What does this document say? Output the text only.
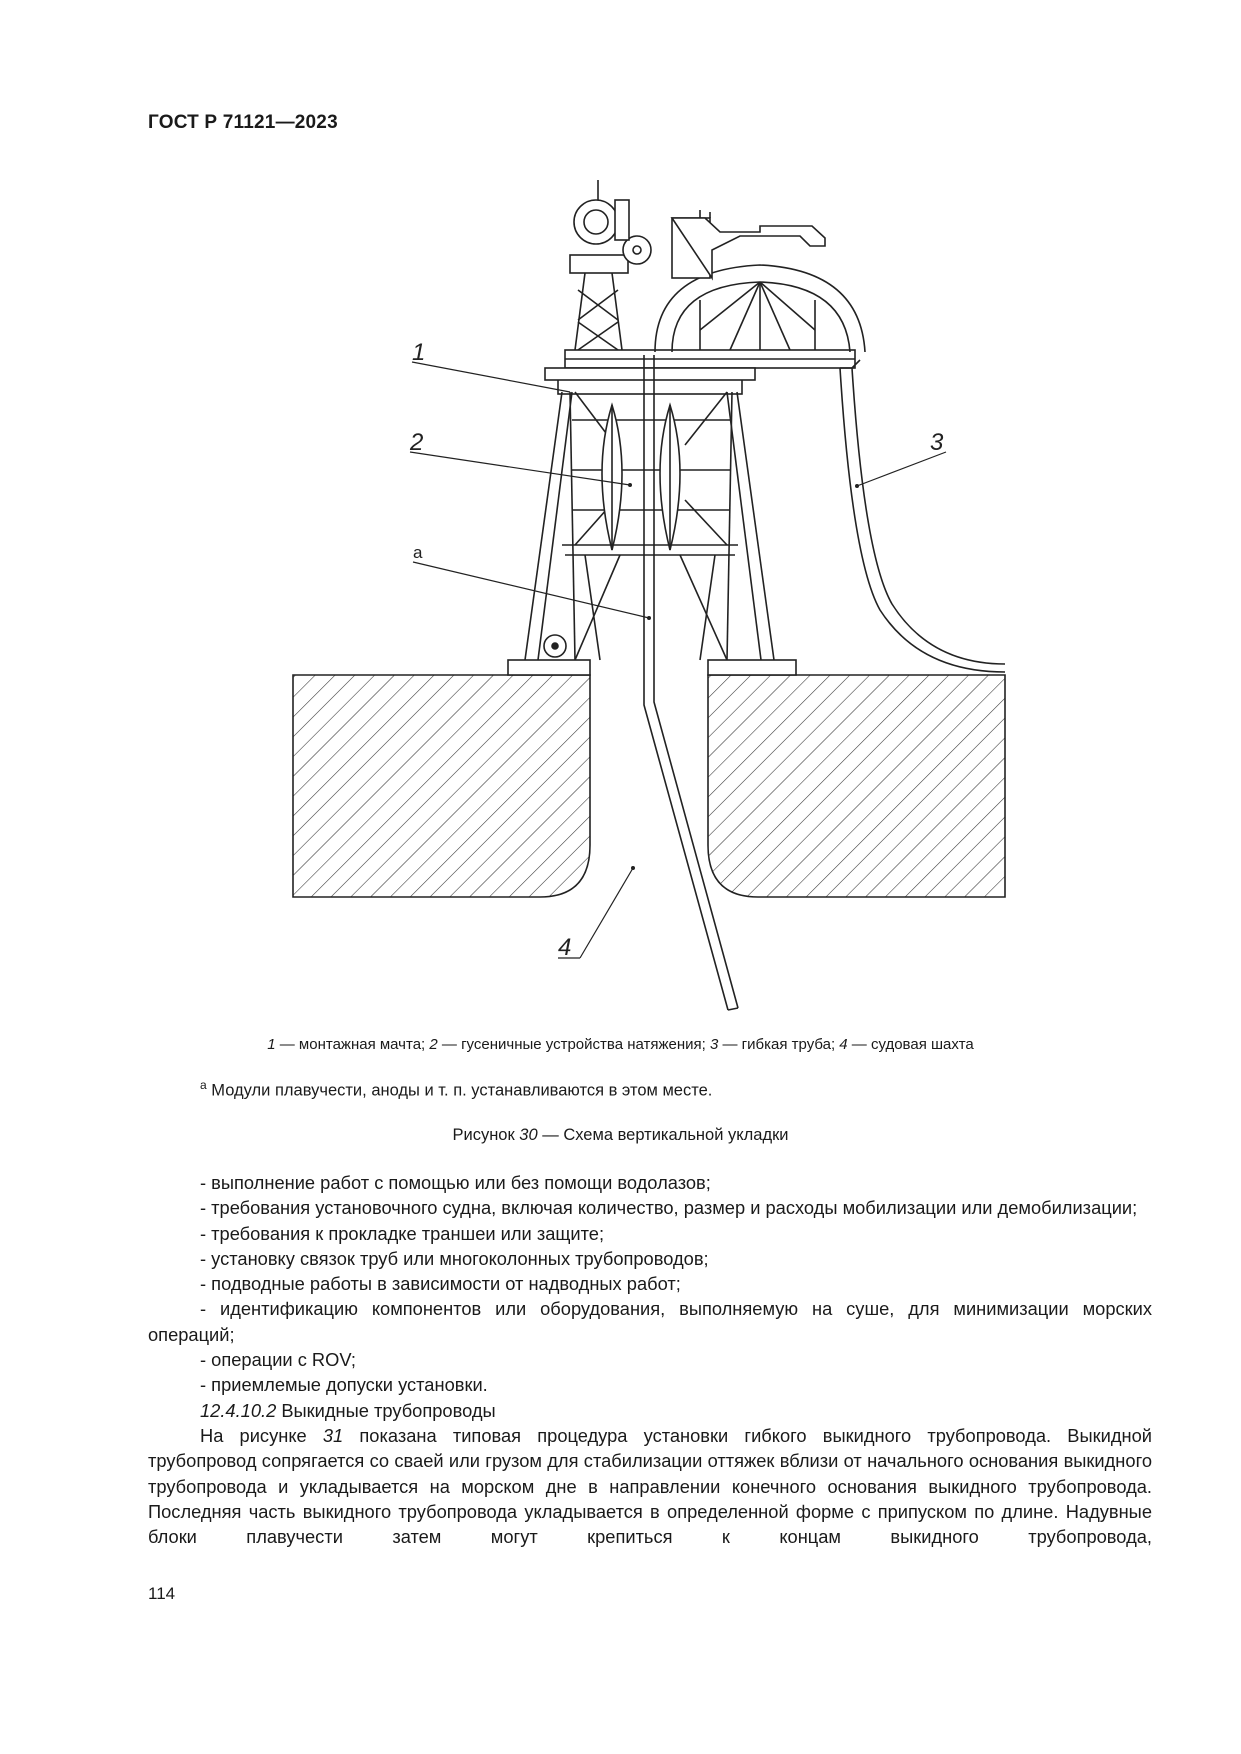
ГОСТ Р 71121—2023
1
2	3
а
4
1 — монтажная мачта; 2 — гусеничные устройства натяжения; 3 — гибкая труба; 4 — судовая шахта
$^а$ Модули плавучести, аноды и т. п. устанавливаются в этом месте.
Рисунок 30 — Схема вертикальной укладки

- выполнение работ с помощью или без помощи водолазов;

- требования установочного судна, включая количество, размер и расходы мобилизации или демобилизации;

- требования к прокладке траншеи или защите;

- установку связок труб или многоколонных трубопроводов;

- подводные работы в зависимости от надводных работ;

- идентификацию компонентов или оборудования, выполняемую на суше, для минимизации морских операций;

- операции с ROV;

- приемлемые допуски установки.

12.4.10.2 Выкидные трубопроводы

На рисунке 31 показана типовая процедура установки гибкого выкидного трубопровода. Выкидной трубопровод сопрягается со сваей или грузом для стабилизации оттяжек вблизи от начального основания выкидного трубопровода и укладывается на морском дне в направлении конечного основания выкидного трубопровода. Последняя часть выкидного трубопровода укладывается в определенной форме с припуском по длине. Надувные блоки плавучести затем могут крепиться к концам выкидного трубопровода,

114
